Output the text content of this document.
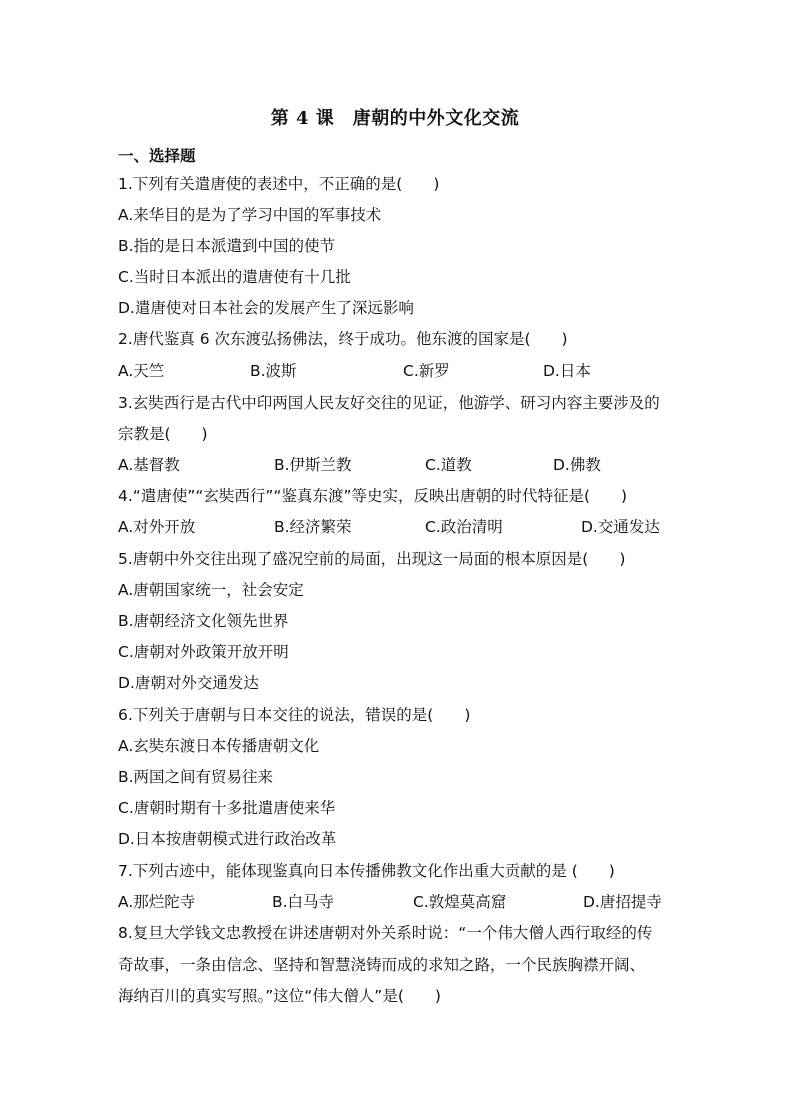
第 4 课　唐朝的中外文化交流
一、选择题
1.下列有关遣唐使的表述中，不正确的是(　　)
A.来华目的是为了学习中国的军事技术
B.指的是日本派遣到中国的使节
C.当时日本派出的遣唐使有十几批
D.遣唐使对日本社会的发展产生了深远影响
2.唐代鉴真 6 次东渡弘扬佛法，终于成功。他东渡的国家是(　　)
A.天竺	B.波斯	C.新罗	D.日本
3.玄奘西行是古代中印两国人民友好交往的见证，他游学、研习内容主要涉及的
宗教是(　　)
A.基督教	B.伊斯兰教	C.道教	D.佛教
4.“遣唐使”“玄奘西行”“鉴真东渡”等史实，反映出唐朝的时代特征是(　　)
A.对外开放	B.经济繁荣	C.政治清明	D.交通发达
5.唐朝中外交往出现了盛况空前的局面，出现这一局面的根本原因是(　　)
A.唐朝国家统一，社会安定
B.唐朝经济文化领先世界
C.唐朝对外政策开放开明
D.唐朝对外交通发达
6.下列关于唐朝与日本交往的说法，错误的是(　　)
A.玄奘东渡日本传播唐朝文化
B.两国之间有贸易往来
C.唐朝时期有十多批遣唐使来华
D.日本按唐朝模式进行政治改革
7.下列古迹中，能体现鉴真向日本传播佛教文化作出重大贡献的是 (　　)
A.那烂陀寺	B.白马寺	C.敦煌莫高窟	D.唐招提寺
8.复旦大学钱文忠教授在讲述唐朝对外关系时说：“一个伟大僧人西行取经的传
奇故事，一条由信念、坚持和智慧浇铸而成的求知之路，一个民族胸襟开阔、
海纳百川的真实写照。”这位“伟大僧人”是(　　)
